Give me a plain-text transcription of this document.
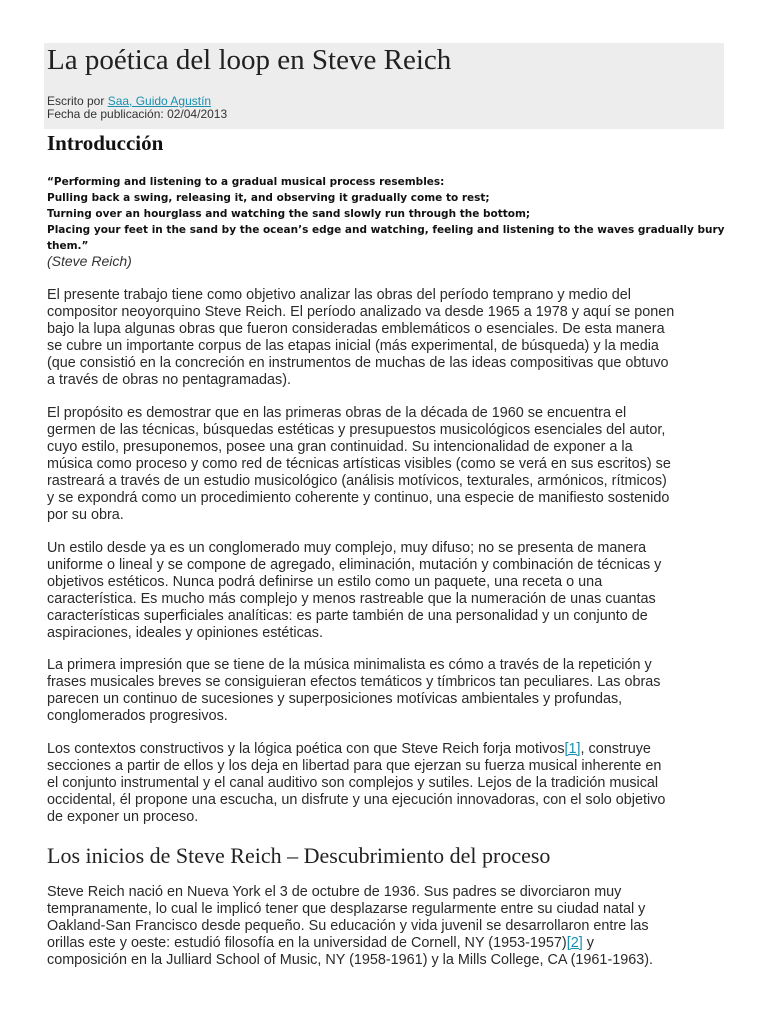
La poética del loop en Steve Reich
Escrito por Saa, Guido Agustín
Fecha de publicación: 02/04/2013
Introducción
“Performing and listening to a gradual musical process resembles:
Pulling back a swing, releasing it, and observing it gradually come to rest;
Turning over an hourglass and watching the sand slowly run through the bottom;
Placing your feet in the sand by the ocean’s edge and watching, feeling and listening to the waves gradually bury
them.”
(Steve Reich)
El presente trabajo tiene como objetivo analizar las obras del período temprano y medio del
compositor neoyorquino Steve Reich. El período analizado va desde 1965 a 1978 y aquí se ponen
bajo la lupa algunas obras que fueron consideradas emblemáticos o esenciales. De esta manera
se cubre un importante corpus de las etapas inicial (más experimental, de búsqueda) y la media
(que consistió en la concreción en instrumentos de muchas de las ideas compositivas que obtuvo
a través de obras no pentagramadas).
El propósito es demostrar que en las primeras obras de la década de 1960 se encuentra el
germen de las técnicas, búsquedas estéticas y presupuestos musicológicos esenciales del autor,
cuyo estilo, presuponemos, posee una gran continuidad. Su intencionalidad de exponer a la
música como proceso y como red de técnicas artísticas visibles (como se verá en sus escritos) se
rastreará a través de un estudio musicológico (análisis motívicos, texturales, armónicos, rítmicos)
y se expondrá como un procedimiento coherente y continuo, una especie de manifiesto sostenido
por su obra.
Un estilo desde ya es un conglomerado muy complejo, muy difuso; no se presenta de manera
uniforme o lineal y se compone de agregado, eliminación, mutación y combinación de técnicas y
objetivos estéticos. Nunca podrá definirse un estilo como un paquete, una receta o una
característica. Es mucho más complejo y menos rastreable que la numeración de unas cuantas
características superficiales analíticas: es parte también de una personalidad y un conjunto de
aspiraciones, ideales y opiniones estéticas.
La primera impresión que se tiene de la música minimalista es cómo a través de la repetición y
frases musicales breves se consiguieran efectos temáticos y tímbricos tan peculiares. Las obras
parecen un continuo de sucesiones y superposiciones motívicas ambientales y profundas,
conglomerados progresivos.
Los contextos constructivos y la lógica poética con que Steve Reich forja motivos[1], construye
secciones a partir de ellos y los deja en libertad para que ejerzan su fuerza musical inherente en
el conjunto instrumental y el canal auditivo son complejos y sutiles. Lejos de la tradición musical
occidental, él propone una escucha, un disfrute y una ejecución innovadoras, con el solo objetivo
de exponer un proceso.
Los inicios de Steve Reich – Descubrimiento del proceso
Steve Reich nació en Nueva York el 3 de octubre de 1936. Sus padres se divorciaron muy
tempranamente, lo cual le implicó tener que desplazarse regularmente entre su ciudad natal y
Oakland-San Francisco desde pequeño. Su educación y vida juvenil se desarrollaron entre las
orillas este y oeste: estudió filosofía en la universidad de Cornell, NY (1953-1957)[2] y
composición en la Julliard School of Music, NY (1958-1961) y la Mills College, CA (1961-1963).
